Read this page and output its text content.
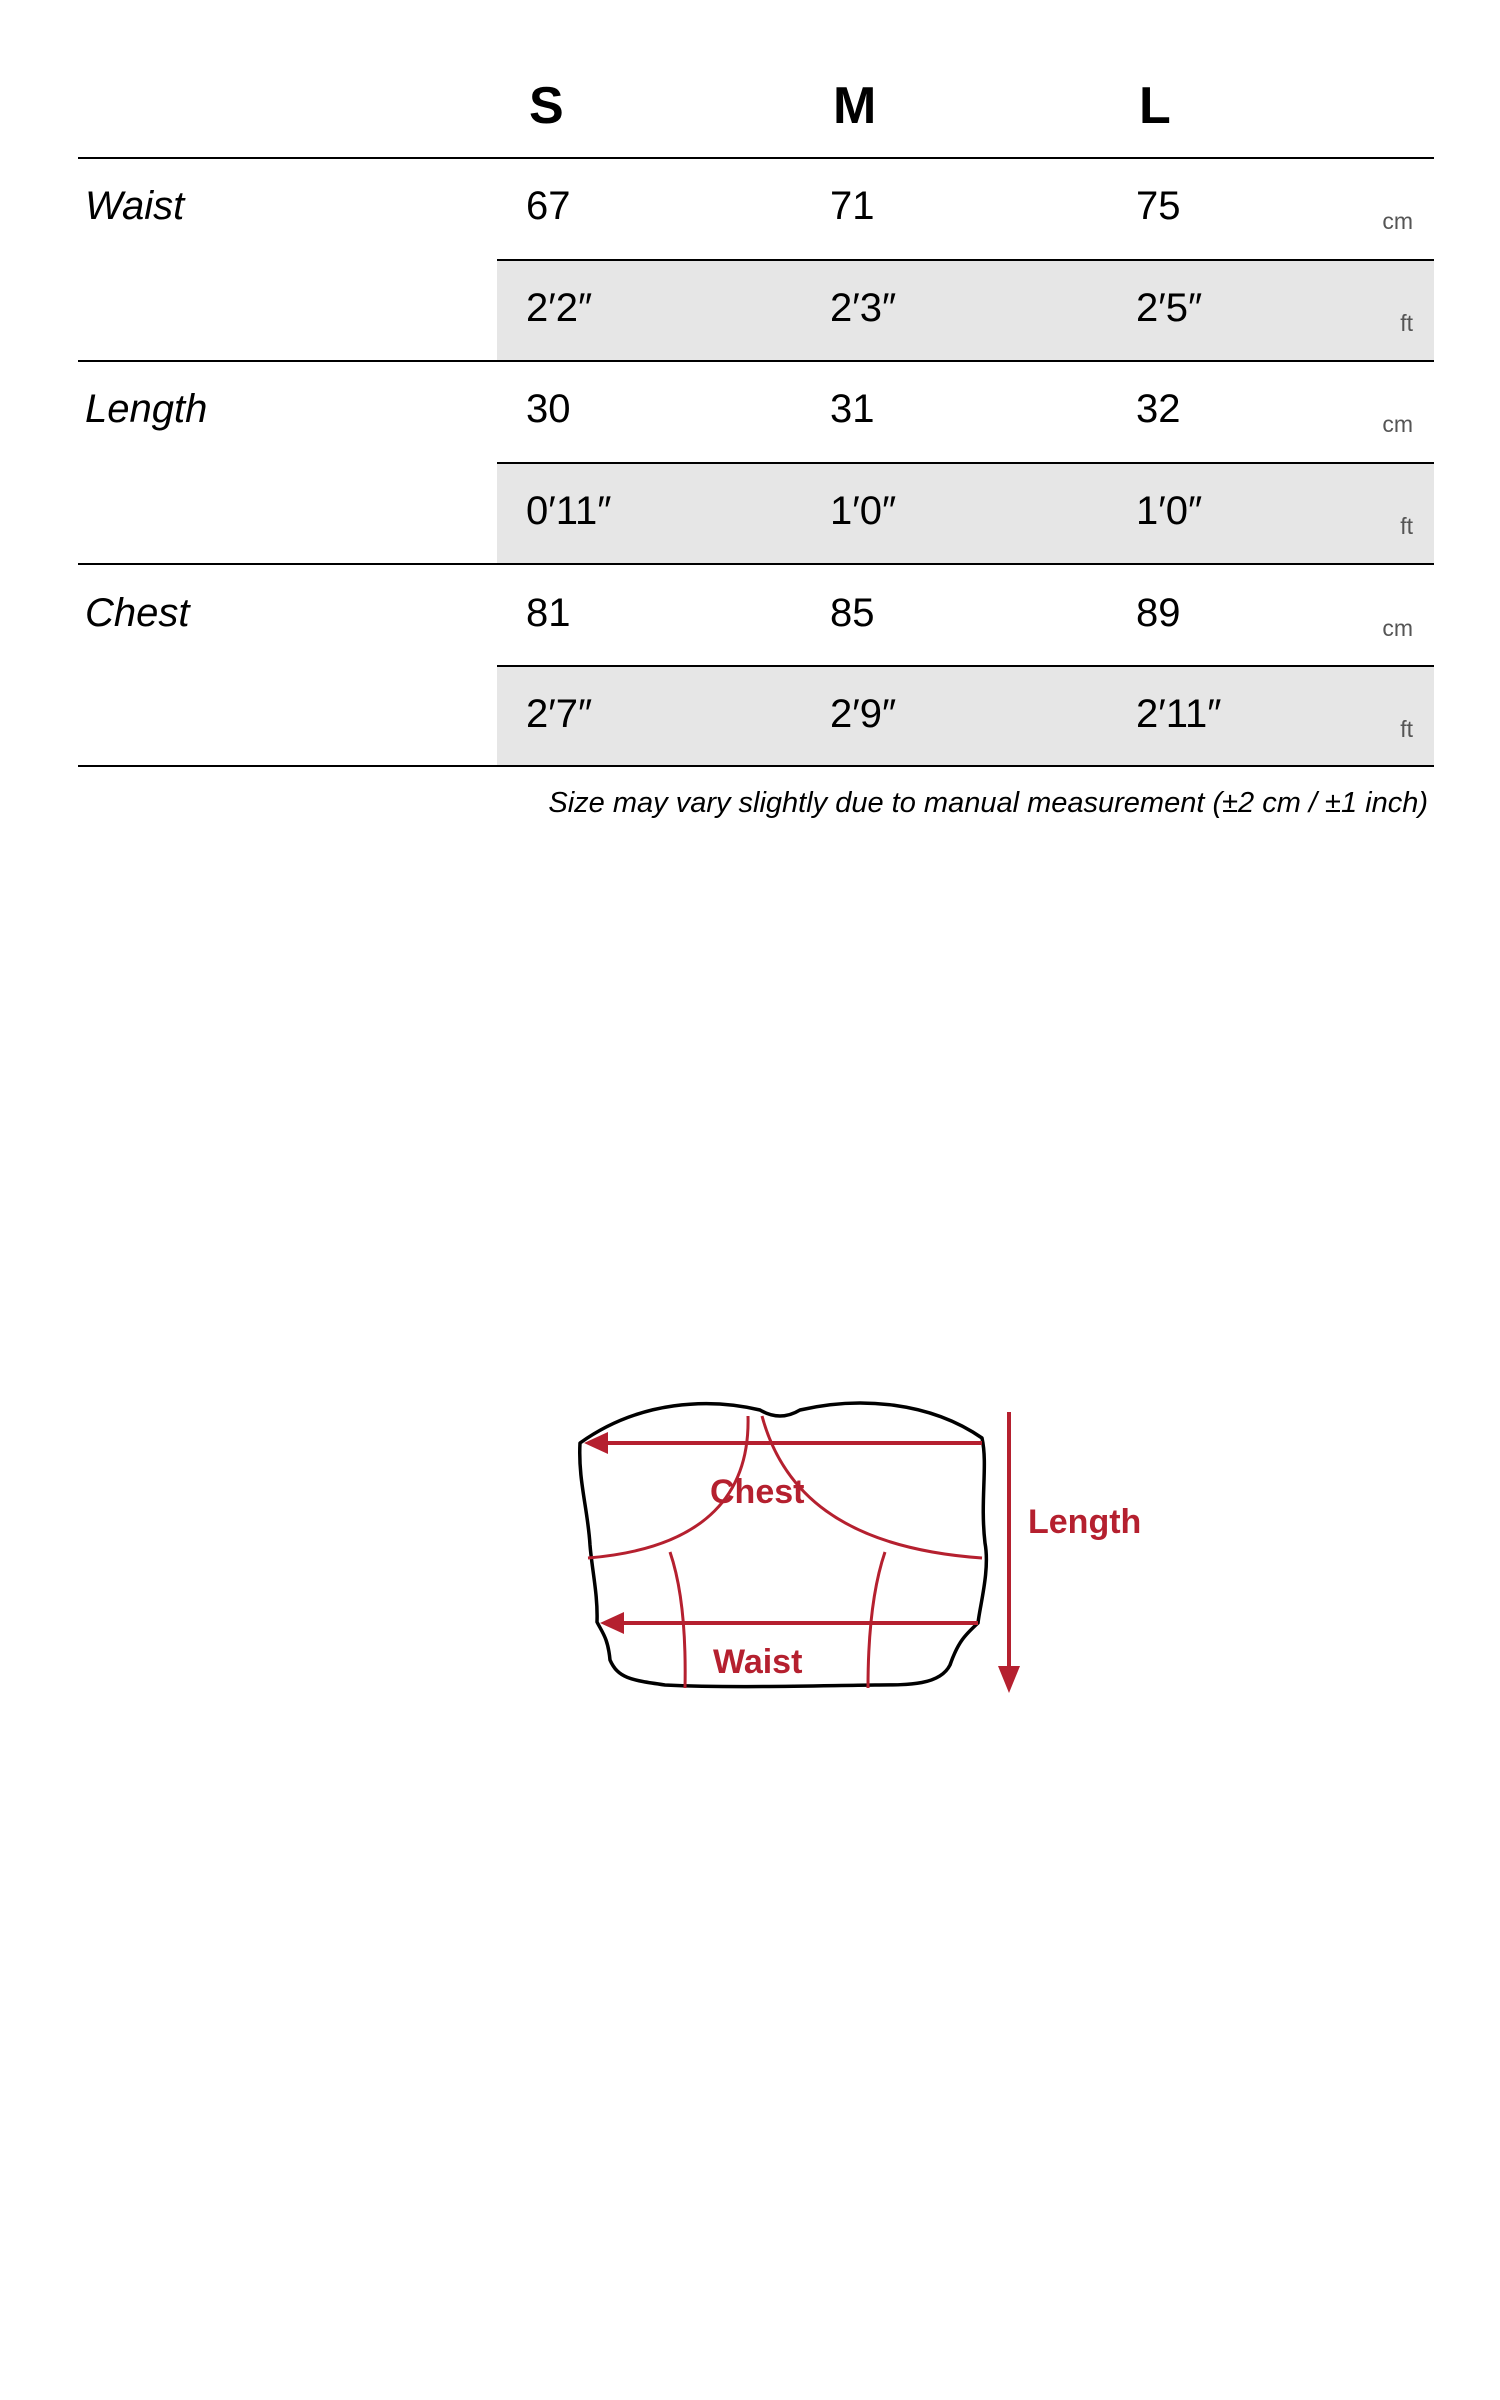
S	M	L
Waist	67	71	75	cm
2′2″	2′3″	2′5″	ft
Length	30	31	32	cm
0′11″	1′0″	1′0″	ft
Chest	81	85	89	cm
2′7″	2′9″	2′11″	ft
Size may vary slightly due to manual measurement (±2 cm / ±1 inch)
Chest
Waist
Length
